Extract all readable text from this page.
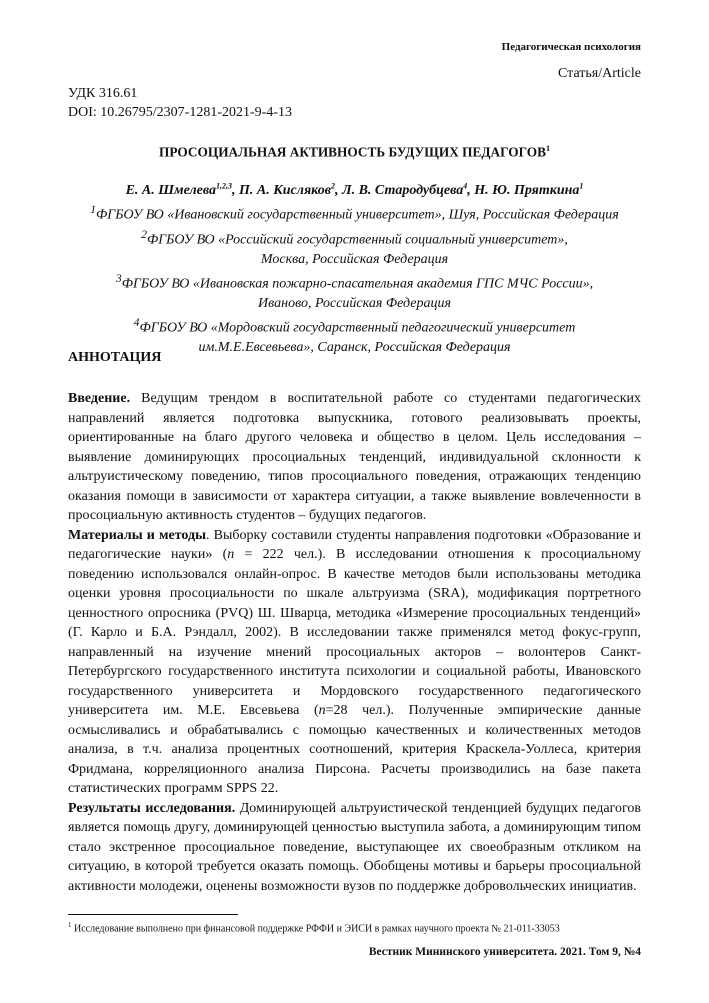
Педагогическая психология
Статья/Article
УДК 316.61
DOI: 10.26795/2307-1281-2021-9-4-13
ПРОСОЦИАЛЬНАЯ АКТИВНОСТЬ БУДУЩИХ ПЕДАГОГОВ$^1$
Е. А. Шмелева$^{1,2,3}$, П. А. Кисляков$^2$, Л. В. Стародубцева$^4$, Н. Ю. Пряткина$^1$
$^1$ФГБОУ ВО «Ивановский государственный университет», Шуя, Российская Федерация
$^2$ФГБОУ ВО «Российский государственный социальный университет»,
Москва, Российская Федерация
$^3$ФГБОУ ВО «Ивановская пожарно-спасательная академия ГПС МЧС России»,
Иваново, Российская Федерация
$^4$ФГБОУ ВО «Мордовский государственный педагогический университет
им.М.Е.Евсевьева», Саранск, Российская Федерация
АННОТАЦИЯ

Введение. Ведущим трендом в воспитательной работе со студентами педагогических направлений является подготовка выпускника, готового реализовывать проекты, ориентированные на благо другого человека и общество в целом. Цель исследования – выявление доминирующих просоциальных тенденций, индивидуальной склонности к альтруистическому поведению, типов просоциального поведения, отражающих тенденцию оказания помощи в зависимости от характера ситуации, а также выявление вовлеченности в просоциальную активность студентов – будущих педагогов.

Материалы и методы. Выборку составили студенты направления подготовки «Образование и педагогические науки» (n = 222 чел.). В исследовании отношения к просоциальному поведению использовался онлайн-опрос. В качестве методов были использованы методика оценки уровня просоциальности по шкале альтруизма (SRA), модификация портретного ценностного опросника (PVQ) Ш. Шварца, методика «Измерение просоциальных тенденций» (Г. Карло и Б.А. Рэндалл, 2002). В исследовании также применялся метод фокус-групп, направленный на изучение мнений просоциальных акторов – волонтеров Санкт-Петербургского государственного института психологии и социальной работы, Ивановского государственного университета и Мордовского государственного педагогического университета им. М.Е. Евсевьева (n=28 чел.). Полученные эмпирические данные осмысливались и обрабатывались с помощью качественных и количественных методов анализа, в т.ч. анализа процентных соотношений, критерия Краскела-Уоллеса, критерия Фридмана, корреляционного анализа Пирсона. Расчеты производились на базе пакета статистических программ SPPS 22.

Результаты исследования. Доминирующей альтруистической тенденцией будущих педагогов является помощь другу, доминирующей ценностью выступила забота, а доминирующим типом стало экстренное просоциальное поведение, выступающее их своеобразным откликом на ситуацию, в которой требуется оказать помощь. Обобщены мотивы и барьеры просоциальной активности молодежи, оценены возможности вузов по поддержке добровольческих инициатив.

$^1$ Исследование выполнено при финансовой поддержке РФФИ и ЭИСИ в рамках научного проекта № 21-011-33053
Вестник Мининского университета. 2021. Том 9, №4
